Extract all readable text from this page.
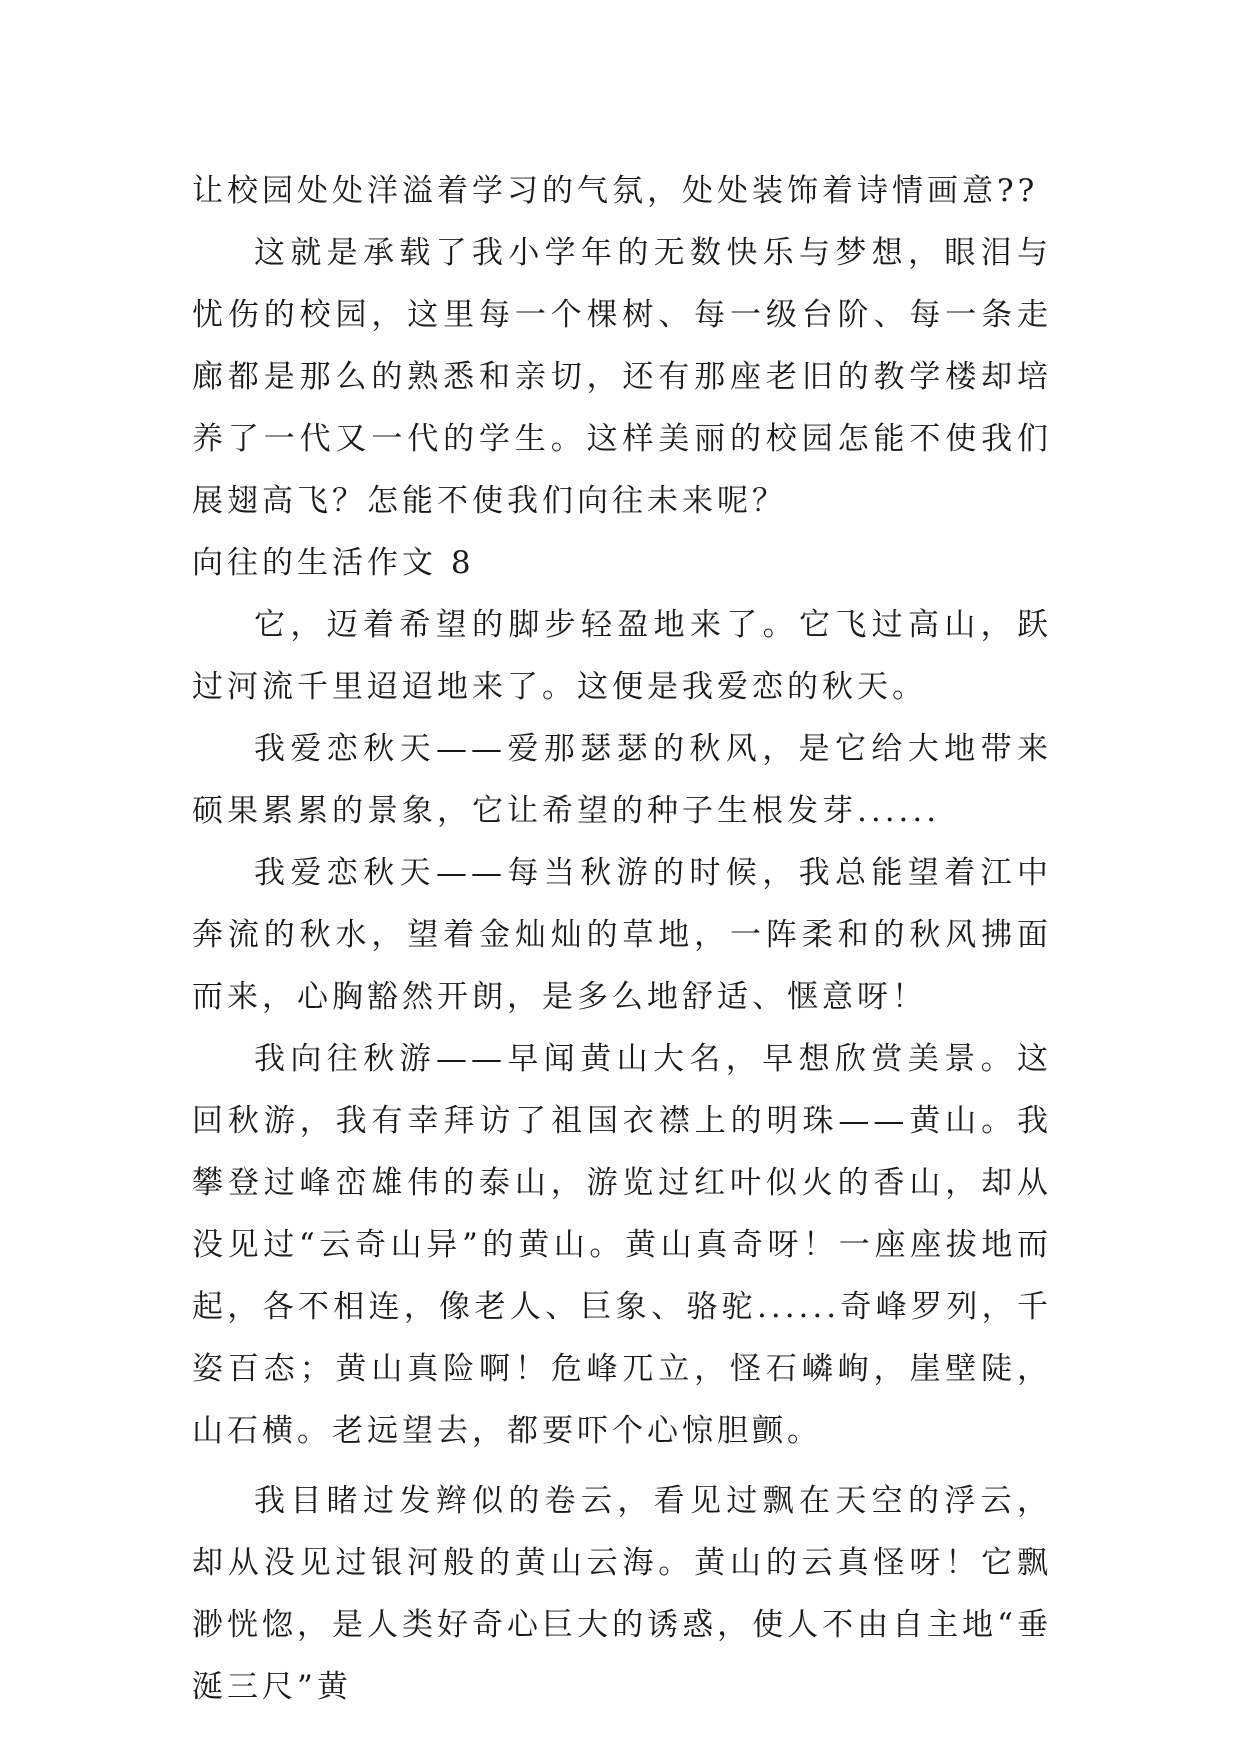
让校园处处洋溢着学习的气氛，处处装饰着诗情画意??

这就是承载了我小学年的无数快乐与梦想，眼泪与忧伤的校园，这里每一个棵树、每一级台阶、每一条走廊都是那么的熟悉和亲切，还有那座老旧的教学楼却培养了一代又一代的学生。这样美丽的校园怎能不使我们展翅高飞？怎能不使我们向往未来呢？

向往的生活作文 8

它，迈着希望的脚步轻盈地来了。它飞过高山，跃过河流千里迢迢地来了。这便是我爱恋的秋天。

我爱恋秋天——爱那瑟瑟的秋风，是它给大地带来硕果累累的景象，它让希望的种子生根发芽......

我爱恋秋天——每当秋游的时候，我总能望着江中奔流的秋水，望着金灿灿的草地，一阵柔和的秋风拂面而来，心胸豁然开朗，是多么地舒适、惬意呀！

我向往秋游——早闻黄山大名，早想欣赏美景。这回秋游，我有幸拜访了祖国衣襟上的明珠——黄山。我攀登过峰峦雄伟的泰山，游览过红叶似火的香山，却从没见过“云奇山异”的黄山。黄山真奇呀！一座座拔地而起，各不相连，像老人、巨象、骆驼......奇峰罗列，千姿百态；黄山真险啊！危峰兀立，怪石嶙峋，崖壁陡，山石横。老远望去，都要吓个心惊胆颤。

我目睹过发辫似的卷云，看见过飘在天空的浮云，却从没见过银河般的黄山云海。黄山的云真怪呀！它飘渺恍惚，是人类好奇心巨大的诱惑，使人不由自主地“垂涎三尺”黄
